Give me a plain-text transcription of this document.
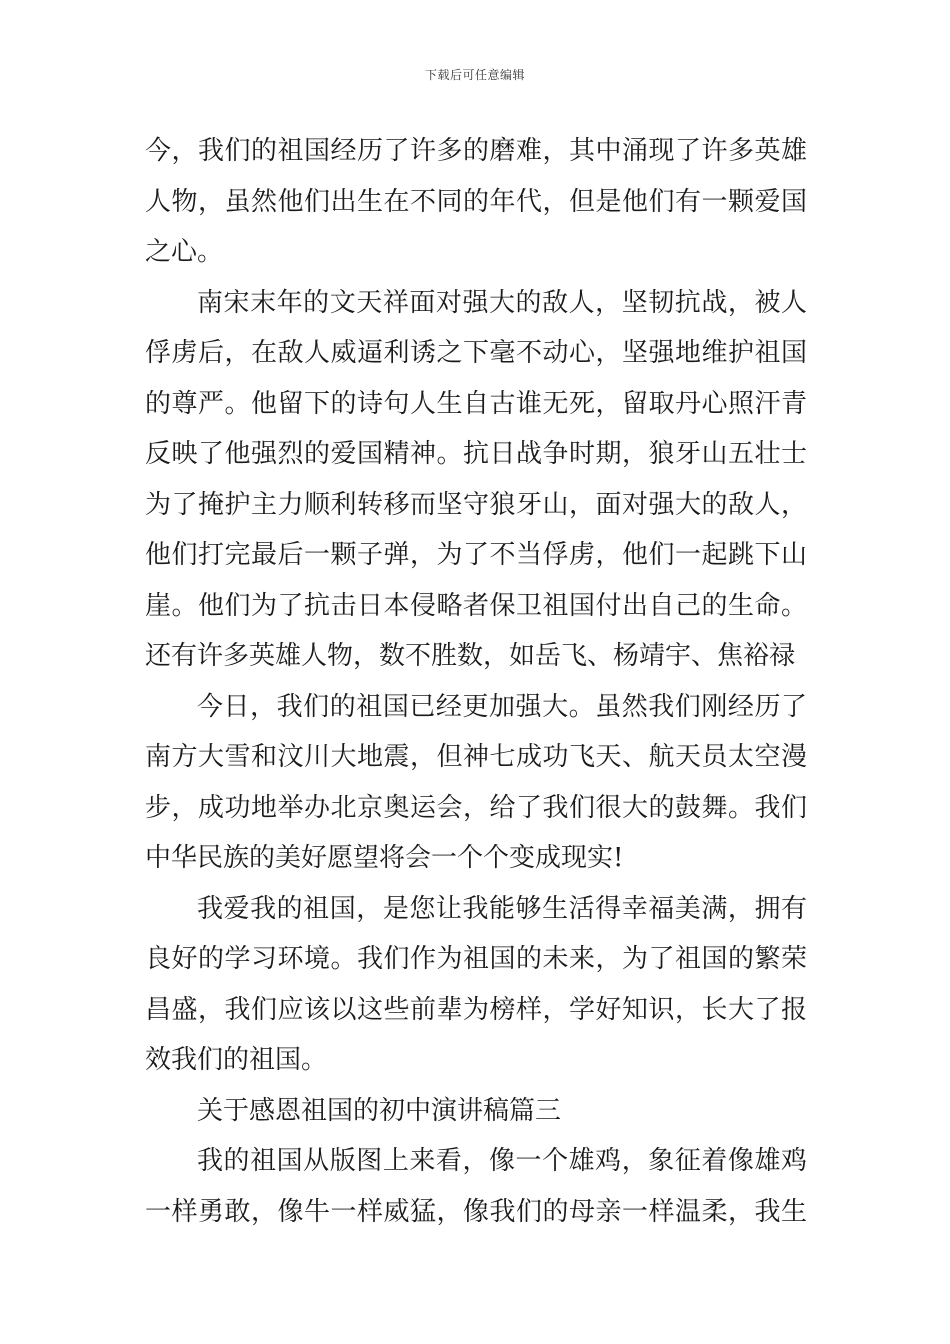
下载后可任意编辑
今，我们的祖国经历了许多的磨难，其中涌现了许多英雄
人物，虽然他们出生在不同的年代，但是他们有一颗爱国
之心。
南宋末年的文天祥面对强大的敌人，坚韧抗战，被人
俘虏后，在敌人威逼利诱之下毫不动心，坚强地维护祖国
的尊严。他留下的诗句人生自古谁无死，留取丹心照汗青
反映了他强烈的爱国精神。抗日战争时期，狼牙山五壮士
为了掩护主力顺利转移而坚守狼牙山，面对强大的敌人，
他们打完最后一颗子弹，为了不当俘虏，他们一起跳下山
崖。他们为了抗击日本侵略者保卫祖国付出自己的生命。
还有许多英雄人物，数不胜数，如岳飞、杨靖宇、焦裕禄
今日，我们的祖国已经更加强大。虽然我们刚经历了
南方大雪和汶川大地震，但神七成功飞天、航天员太空漫
步，成功地举办北京奥运会，给了我们很大的鼓舞。我们
中华民族的美好愿望将会一个个变成现实!
我爱我的祖国，是您让我能够生活得幸福美满，拥有
良好的学习环境。我们作为祖国的未来，为了祖国的繁荣
昌盛，我们应该以这些前辈为榜样，学好知识，长大了报
效我们的祖国。
关于感恩祖国的初中演讲稿篇三
我的祖国从版图上来看，像一个雄鸡，象征着像雄鸡
一样勇敢，像牛一样威猛，像我们的母亲一样温柔，我生
